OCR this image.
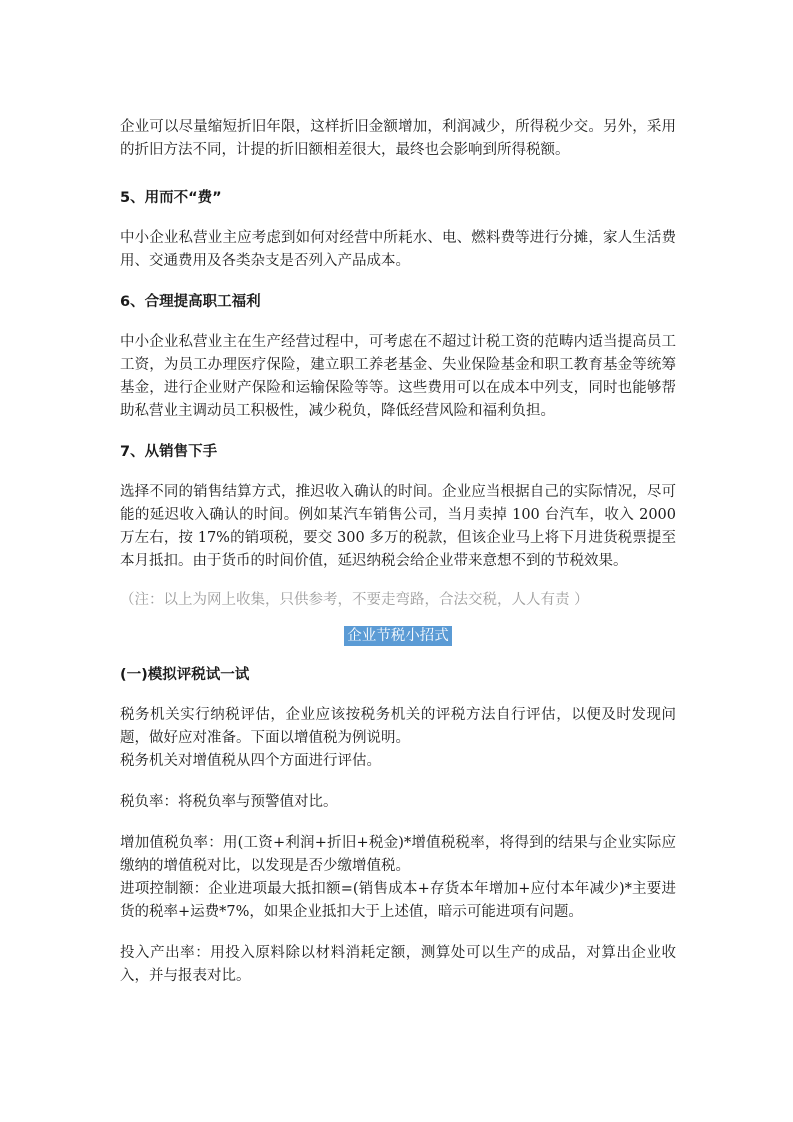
企业可以尽量缩短折旧年限，这样折旧金额增加，利润减少，所得税少交。另外，采用的折旧方法不同，计提的折旧额相差很大，最终也会影响到所得税额。

5、用而不“费”

中小企业私营业主应考虑到如何对经营中所耗水、电、燃料费等进行分摊，家人生活费用、交通费用及各类杂支是否列入产品成本。

6、合理提高职工福利

中小企业私营业主在生产经营过程中，可考虑在不超过计税工资的范畴内适当提高员工工资，为员工办理医疗保险，建立职工养老基金、失业保险基金和职工教育基金等统筹基金，进行企业财产保险和运输保险等等。这些费用可以在成本中列支，同时也能够帮助私营业主调动员工积极性，减少税负，降低经营风险和福利负担。

7、从销售下手

选择不同的销售结算方式，推迟收入确认的时间。企业应当根据自己的实际情况，尽可能的延迟收入确认的时间。例如某汽车销售公司，当月卖掉 100 台汽车，收入 2000 万左右，按 17%的销项税，要交 300 多万的税款，但该企业马上将下月进货税票提至本月抵扣。由于货币的时间价值，延迟纳税会给企业带来意想不到的节税效果。

（注：以上为网上收集，只供参考，不要走弯路，合法交税，人人有责 ）

企业节税小招式

(一)模拟评税试一试

税务机关实行纳税评估，企业应该按税务机关的评税方法自行评估，以便及时发现问题，做好应对准备。下面以增值税为例说明。

税务机关对增值税从四个方面进行评估。

税负率：将税负率与预警值对比。

增加值税负率：用(工资+利润+折旧+税金)*增值税税率，将得到的结果与企业实际应缴纳的增值税对比，以发现是否少缴增值税。

进项控制额：企业进项最大抵扣额=(销售成本+存货本年增加+应付本年减少)*主要进货的税率+运费*7%，如果企业抵扣大于上述值，暗示可能进项有问题。

投入产出率：用投入原料除以材料消耗定额，测算处可以生产的成品，对算出企业收入，并与报表对比。
